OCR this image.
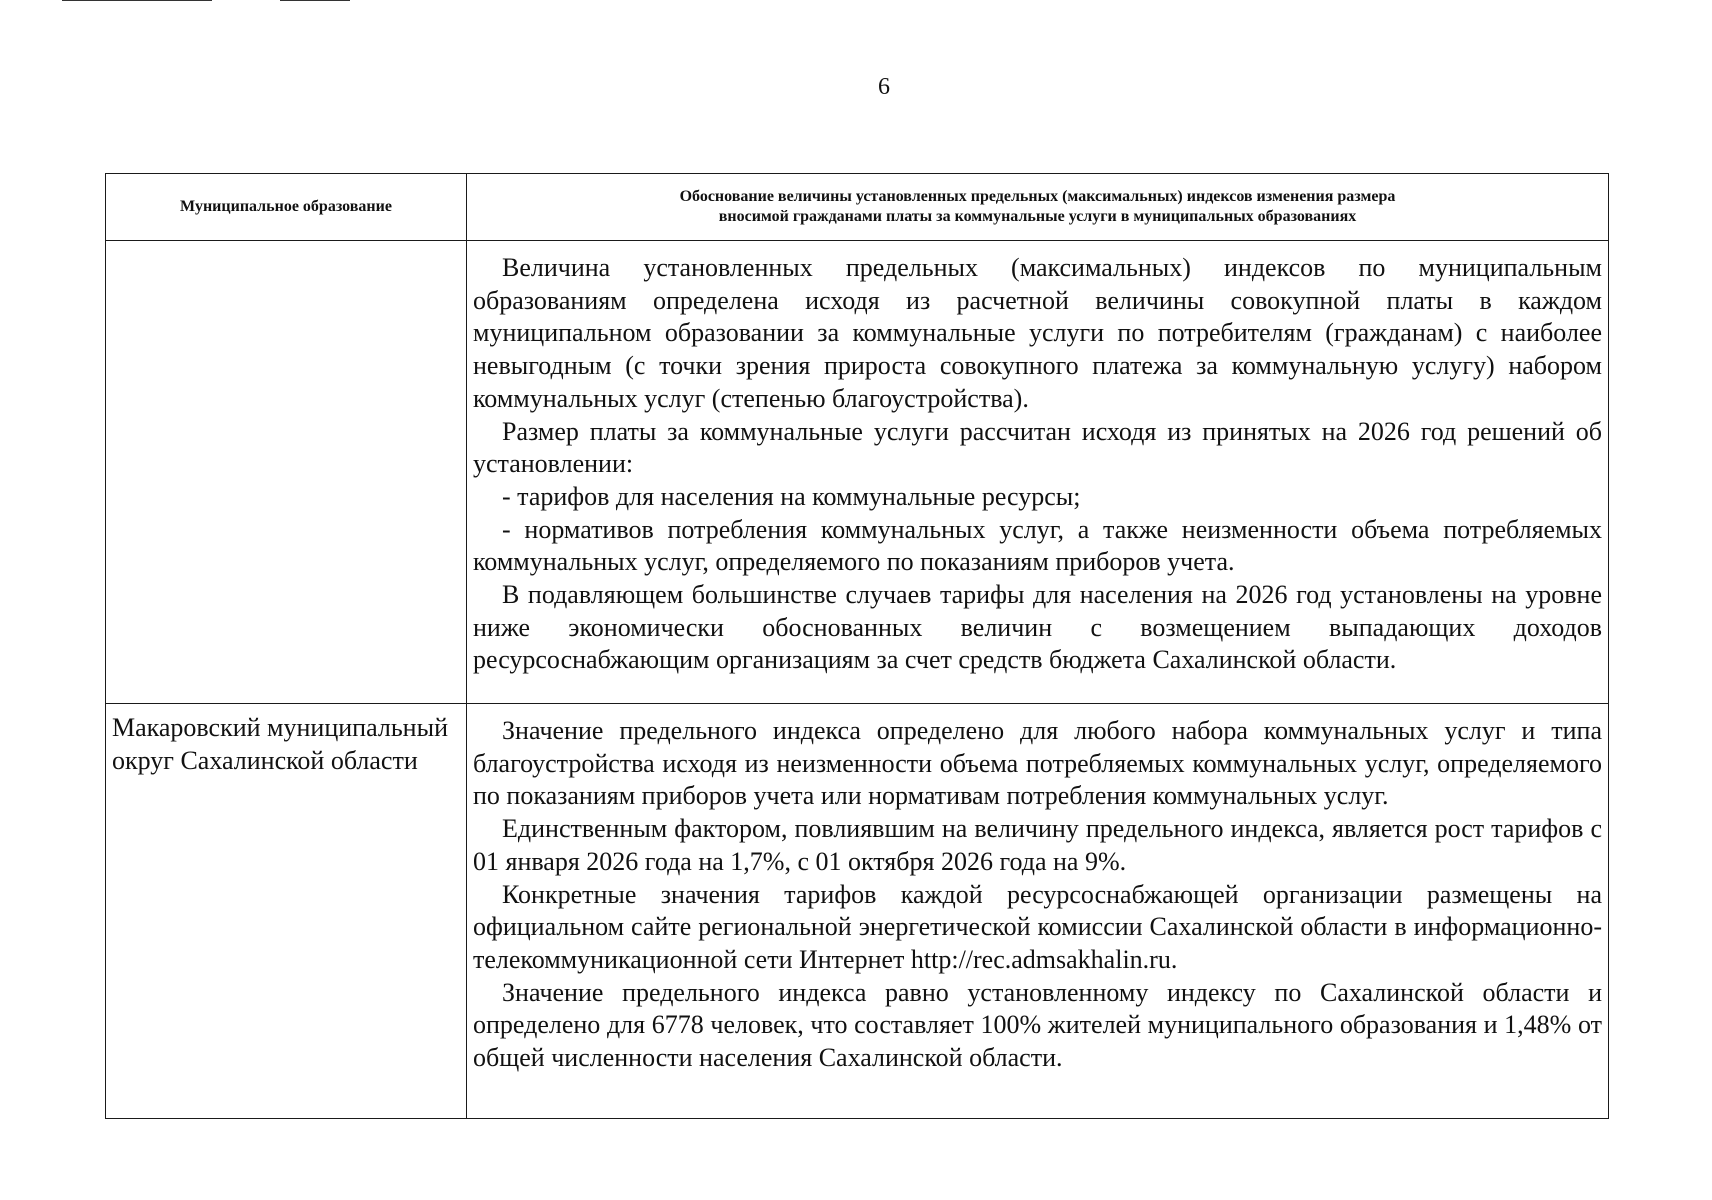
6
Муниципальное образование	Обоснование величины установленных предельных (максимальных) индексов изменения размера
вносимой гражданами платы за коммунальные услуги в муниципальных образованиях

	Величина установленных предельных (максимальных) индексов по муниципальным образованиям определена исходя из расчетной величины совокупной платы в каждом муниципальном образовании за коммунальные услуги по потребителям (гражданам) с наиболее невыгодным (с точки зрения прироста совокупного платежа за коммунальную услугу) набором коммунальных услуг (степенью благоустройства).

Размер платы за коммунальные услуги рассчитан исходя из принятых на 2026 год решений об установлении:

- тарифов для населения на коммунальные ресурсы;

- нормативов потребления коммунальных услуг, а также неизменности объема потребляемых коммунальных услуг, определяемого по показаниям приборов учета.

В подавляющем большинстве случаев тарифы для населения на 2026 год установлены на уровне ниже экономически обоснованных величин с возмещением выпадающих доходов ресурсоснабжающим организациям за счет средств бюджета Сахалинской области.

Макаровский муниципальный округ Сахалинской области	Значение предельного индекса определено для любого набора коммунальных услуг и типа благоустройства исходя из неизменности объема потребляемых коммунальных услуг, определяемого по показаниям приборов учета или нормативам потребления коммунальных услуг.

Единственным фактором, повлиявшим на величину предельного индекса, является рост тарифов с 01 января 2026 года на 1,7%, с 01 октября 2026 года на 9%.

Конкретные значения тарифов каждой ресурсоснабжающей организации размещены на официальном сайте региональной энергетической комиссии Сахалинской области в информационно-телекоммуникационной сети Интернет http://rec.admsakhalin.ru.

Значение предельного индекса равно установленному индексу по Сахалинской области и определено для 6778 человек, что составляет 100% жителей муниципального образования и 1,48% от общей численности населения Сахалинской области.
